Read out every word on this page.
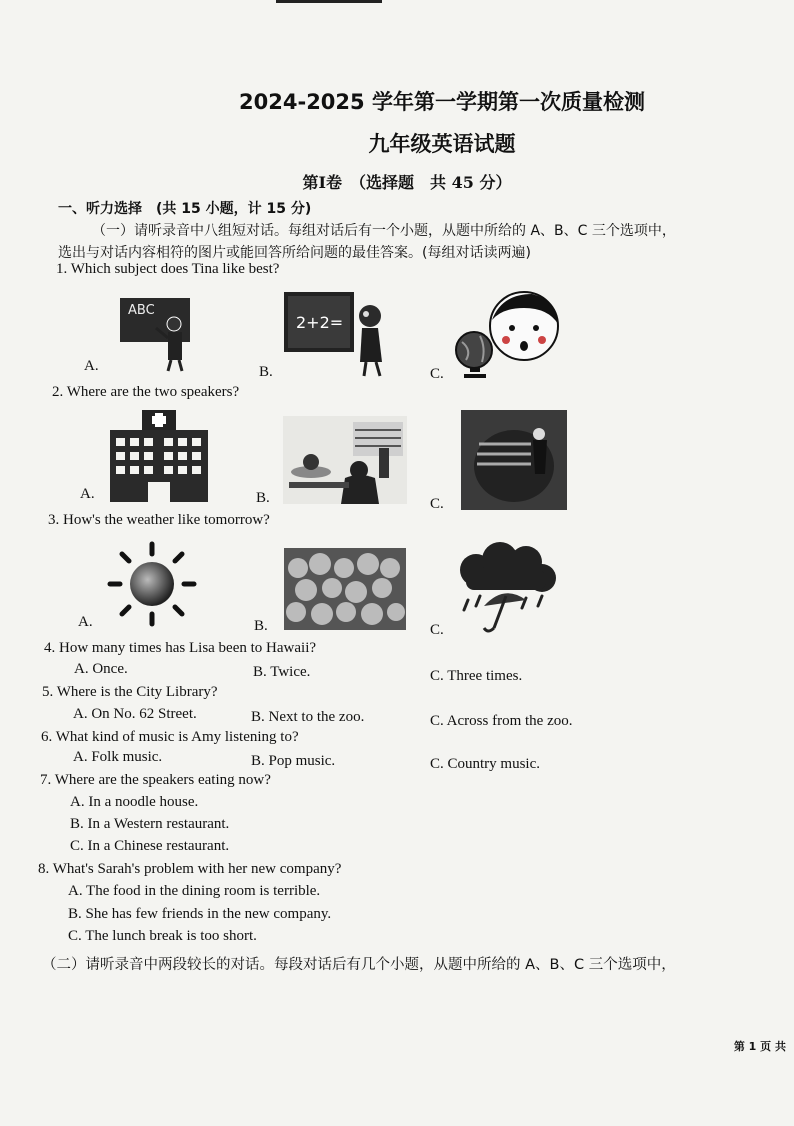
2024-2025 学年第一学期第一次质量检测
九年级英语试题
第Ⅰ卷　（选择题　共 45 分）
一、听力选择　(共 15 小题，计 15 分)
（一）请听录音中八组短对话。每组对话后有一个小题，从题中所给的 A、B、C 三个选项中，
选出与对话内容相符的图片或能回答所给问题的最佳答案。(每组对话读两遍)
1. Which subject does Tina like best?
ABC
A.
2+2=
B.	C.
2. Where are the two speakers?
A.	B.	C.
3. How's the weather like tomorrow?
A.	B.	C.
4. How many times has Lisa been to Hawaii?
A. Once.	B. Twice.	C. Three times.
5. Where is the City Library?
A. On No. 62 Street.	B. Next to the zoo.	C. Across from the zoo.
6. What kind of music is Amy listening to?
A. Folk music.	B. Pop music.	C. Country music.
7. Where are the speakers eating now?
A. In a noodle house.
B. In a Western restaurant.
C. In a Chinese restaurant.
8. What's Sarah's problem with her new company?
A. The food in the dining room is terrible.
B. She has few friends in the new company.
C. The lunch break is too short.
（二）请听录音中两段较长的对话。每段对话后有几个小题，从题中所给的 A、B、C 三个选项中，
第 1 页 共
